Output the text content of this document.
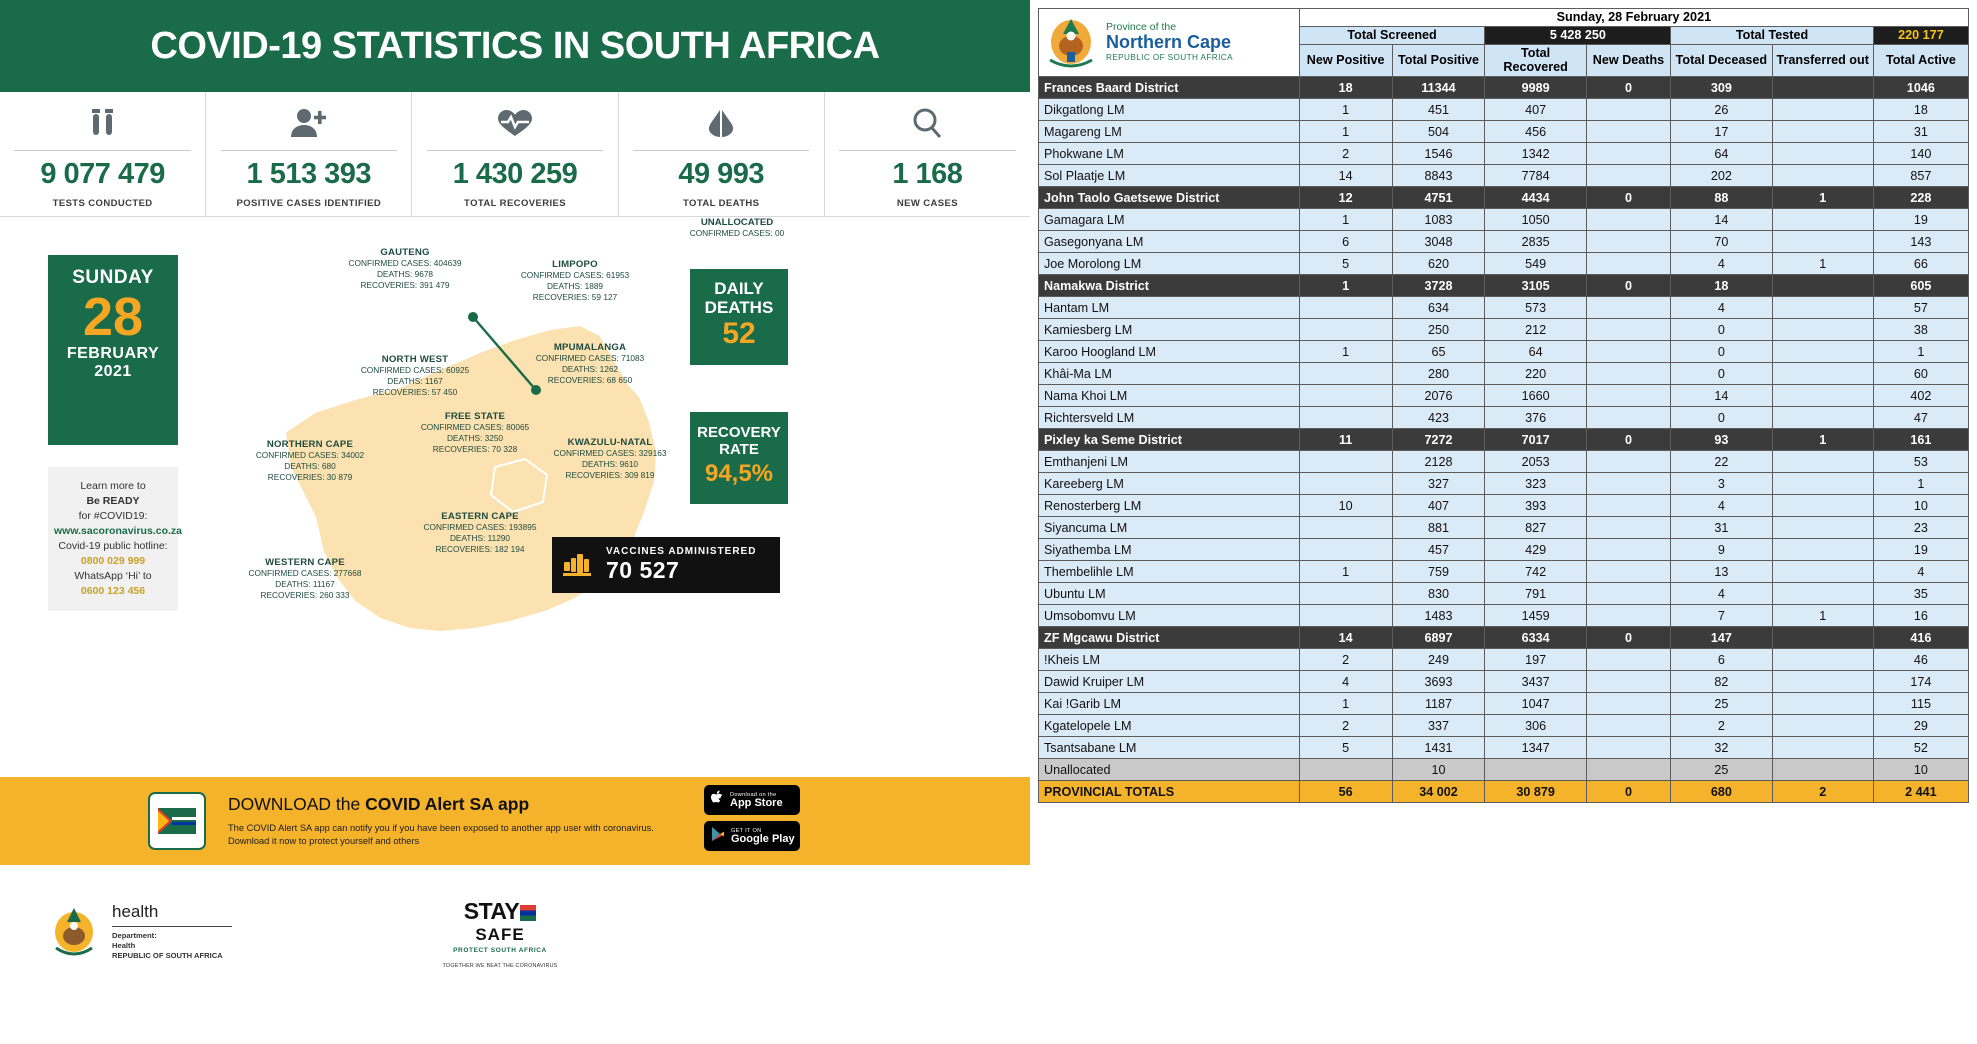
COVID-19 STATISTICS IN SOUTH AFRICA
9 077 479
TESTS CONDUCTED
1 513 393
POSITIVE CASES IDENTIFIED
1 430 259
TOTAL RECOVERIES
49 993
TOTAL DEATHS
1 168
NEW CASES
SUNDAY
28
FEBRUARY
2021
Learn more to
Be READY
for #COVID19:
www.sacoronavirus.co.za
Covid-19 public hotline:
0800 029 999
WhatsApp ‘Hi’ to
0600 123 456
GAUTENG
CONFIRMED CASES: 404639
DEATHS: 9678
RECOVERIES: 391 479
LIMPOPO
CONFIRMED CASES: 61953
DEATHS: 1889
RECOVERIES: 59 127
NORTH WEST
CONFIRMED CASES: 60925
DEATHS: 1167
RECOVERIES: 57 450
MPUMALANGA
CONFIRMED CASES: 71083
DEATHS: 1262
RECOVERIES: 68 650
FREE STATE
CONFIRMED CASES: 80065
DEATHS: 3250
RECOVERIES: 70 328
KWAZULU-NATAL
CONFIRMED CASES: 329163
DEATHS: 9610
RECOVERIES: 309 819
NORTHERN CAPE
CONFIRMED CASES: 34002
DEATHS: 680
RECOVERIES: 30 879
EASTERN CAPE
CONFIRMED CASES: 193895
DEATHS: 11290
RECOVERIES: 182 194
WESTERN CAPE
CONFIRMED CASES: 277668
DEATHS: 11167
RECOVERIES: 260 333
UNALLOCATED
CONFIRMED CASES: 00
DAILY
DEATHS
52
RECOVERY
RATE
94,5%
VACCINES ADMINISTERED
70 527
DOWNLOAD the COVID Alert SA app
The COVID Alert SA app can notify you if you have been exposed to another app user with coronavirus. Download it now to protect yourself and others
Download on the
App Store
GET IT ON
Google Play
health
Department:
Health
REPUBLIC OF SOUTH AFRICA
STAY
SAFE
PROTECT SOUTH AFRICA
TOGETHER WE BEAT THE CORONAVIRUS
Province of the
Northern Cape
REPUBLIC OF SOUTH AFRICA	Sunday, 28 February 2021						
	Total Screened		5 428 250		Total Tested		220 177
	New Positive	Total Positive	Total Recovered	New Deaths	Total Deceased	Transferred out	Total Active
Frances Baard District	18	11344	9989	0	309		1046
Dikgatlong LM	1	451	407		26		18
Magareng LM	1	504	456		17		31
Phokwane LM	2	1546	1342		64		140
Sol Plaatje LM	14	8843	7784		202		857
John Taolo Gaetsewe District	12	4751	4434	0	88	1	228
Gamagara LM	1	1083	1050		14		19
Gasegonyana LM	6	3048	2835		70		143
Joe Morolong LM	5	620	549		4	1	66
Namakwa District	1	3728	3105	0	18		605
Hantam LM		634	573		4		57
Kamiesberg LM		250	212		0		38
Karoo Hoogland LM	1	65	64		0		1
Khâi-Ma LM		280	220		0		60
Nama Khoi LM		2076	1660		14		402
Richtersveld LM		423	376		0		47
Pixley ka Seme District	11	7272	7017	0	93	1	161
Emthanjeni LM		2128	2053		22		53
Kareeberg LM		327	323		3		1
Renosterberg LM	10	407	393		4		10
Siyancuma LM		881	827		31		23
Siyathemba LM		457	429		9		19
Thembelihle LM	1	759	742		13		4
Ubuntu LM		830	791		4		35
Umsobomvu LM		1483	1459		7	1	16
ZF Mgcawu District	14	6897	6334	0	147		416
!Kheis LM	2	249	197		6		46
Dawid Kruiper LM	4	3693	3437		82		174
Kai !Garib LM	1	1187	1047		25		115
Kgatelopele LM	2	337	306		2		29
Tsantsabane LM	5	1431	1347		32		52
Unallocated		10			25		10
PROVINCIAL TOTALS	56	34 002	30 879	0	680	2	2 441
